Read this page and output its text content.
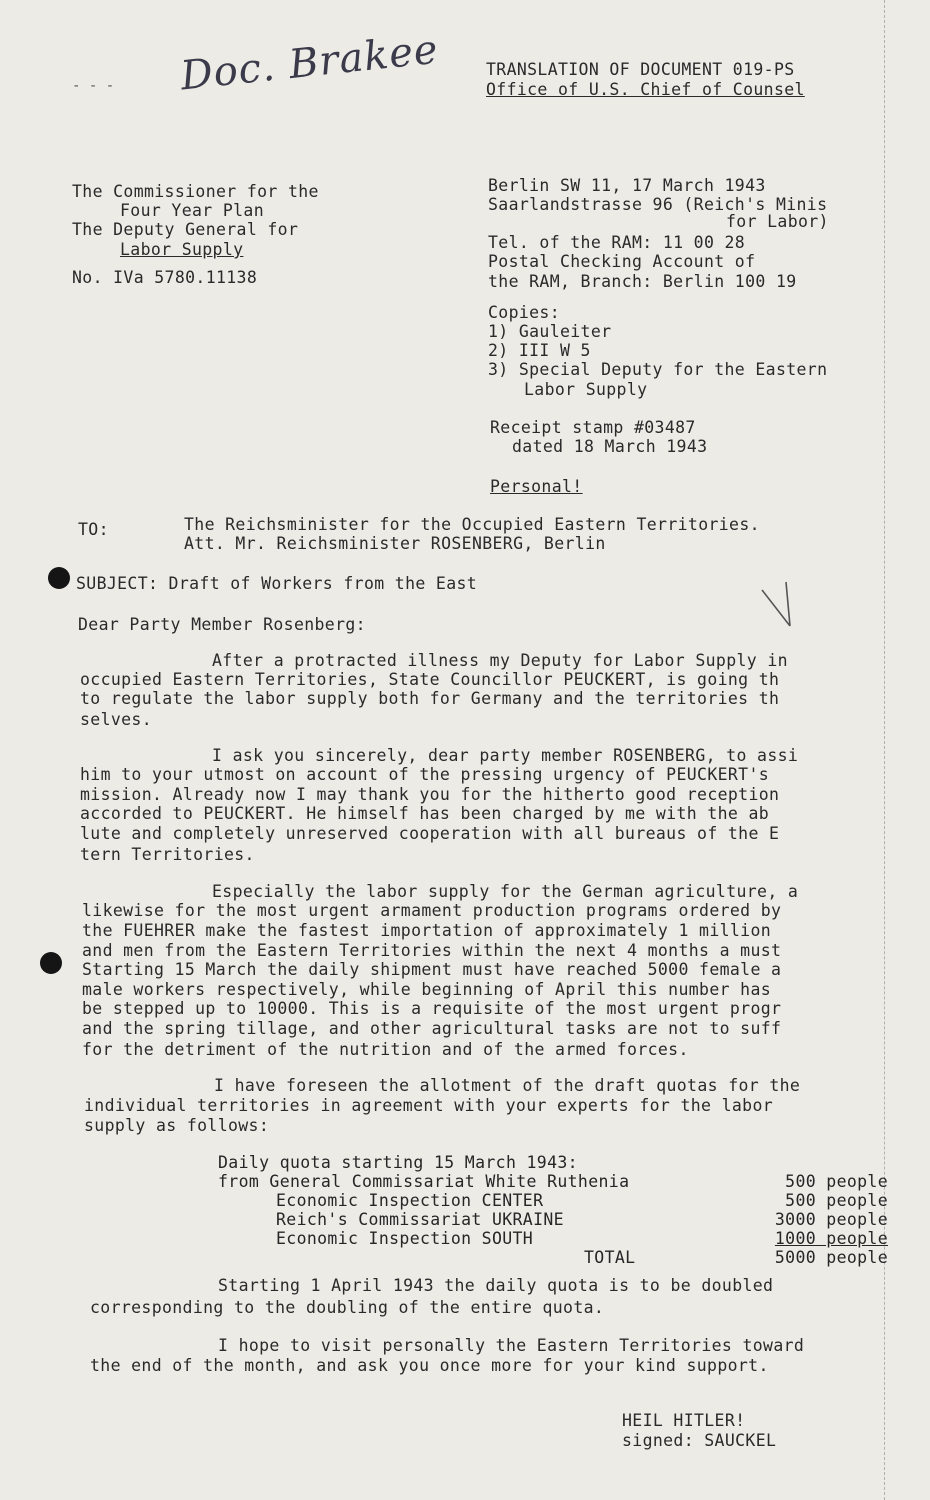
- - - Doc. Brakee	TRANSLATION OF DOCUMENT 019-PS
Office of U.S. Chief of Counsel
The Commissioner for the
Four Year Plan
The Deputy General for
Labor Supply
No. IVa 5780.11138
Berlin SW 11, 17 March 1943
Saarlandstrasse 96 (Reich's Minis
for Labor)
Tel. of the RAM: 11 00 28
Postal Checking Account of
the RAM, Branch: Berlin 100 19
Copies:
1) Gauleiter
2) III W 5
3) Special Deputy for the Eastern
Labor Supply
Receipt stamp #03487
dated 18 March 1943
Personal!
TO:	The Reichsminister for the Occupied Eastern Territories.
Att. Mr. Reichsminister ROSENBERG, Berlin
SUBJECT: Draft of Workers from the East
Dear Party Member Rosenberg:
After a protracted illness my Deputy for Labor Supply in
occupied Eastern Territories, State Councillor PEUCKERT, is going th
to regulate the labor supply both for Germany and the territories th
selves.
I ask you sincerely, dear party member ROSENBERG, to assi
him to your utmost on account of the pressing urgency of PEUCKERT's
mission. Already now I may thank you for the hitherto good reception
accorded to PEUCKERT. He himself has been charged by me with the ab
lute and completely unreserved cooperation with all bureaus of the E
tern Territories.
Especially the labor supply for the German agriculture, a
likewise for the most urgent armament production programs ordered by
the FUEHRER make the fastest importation of approximately 1 million
and men from the Eastern Territories within the next 4 months a must
Starting 15 March the daily shipment must have reached 5000 female a
male workers respectively, while beginning of April this number has
be stepped up to 10000. This is a requisite of the most urgent progr
and the spring tillage, and other agricultural tasks are not to suff
for the detriment of the nutrition and of the armed forces.
I have foreseen the allotment of the draft quotas for the
individual territories in agreement with your experts for the labor
supply as follows:
Daily quota starting 15 March 1943:
from General Commissariat White Ruthenia	500 people
Economic Inspection CENTER	500 people
Reich's Commissariat UKRAINE	3000 people
Economic Inspection SOUTH	1000 people
TOTAL	5000 people
Starting 1 April 1943 the daily quota is to be doubled
corresponding to the doubling of the entire quota.
I hope to visit personally the Eastern Territories toward
the end of the month, and ask you once more for your kind support.
HEIL HITLER!
signed: SAUCKEL
